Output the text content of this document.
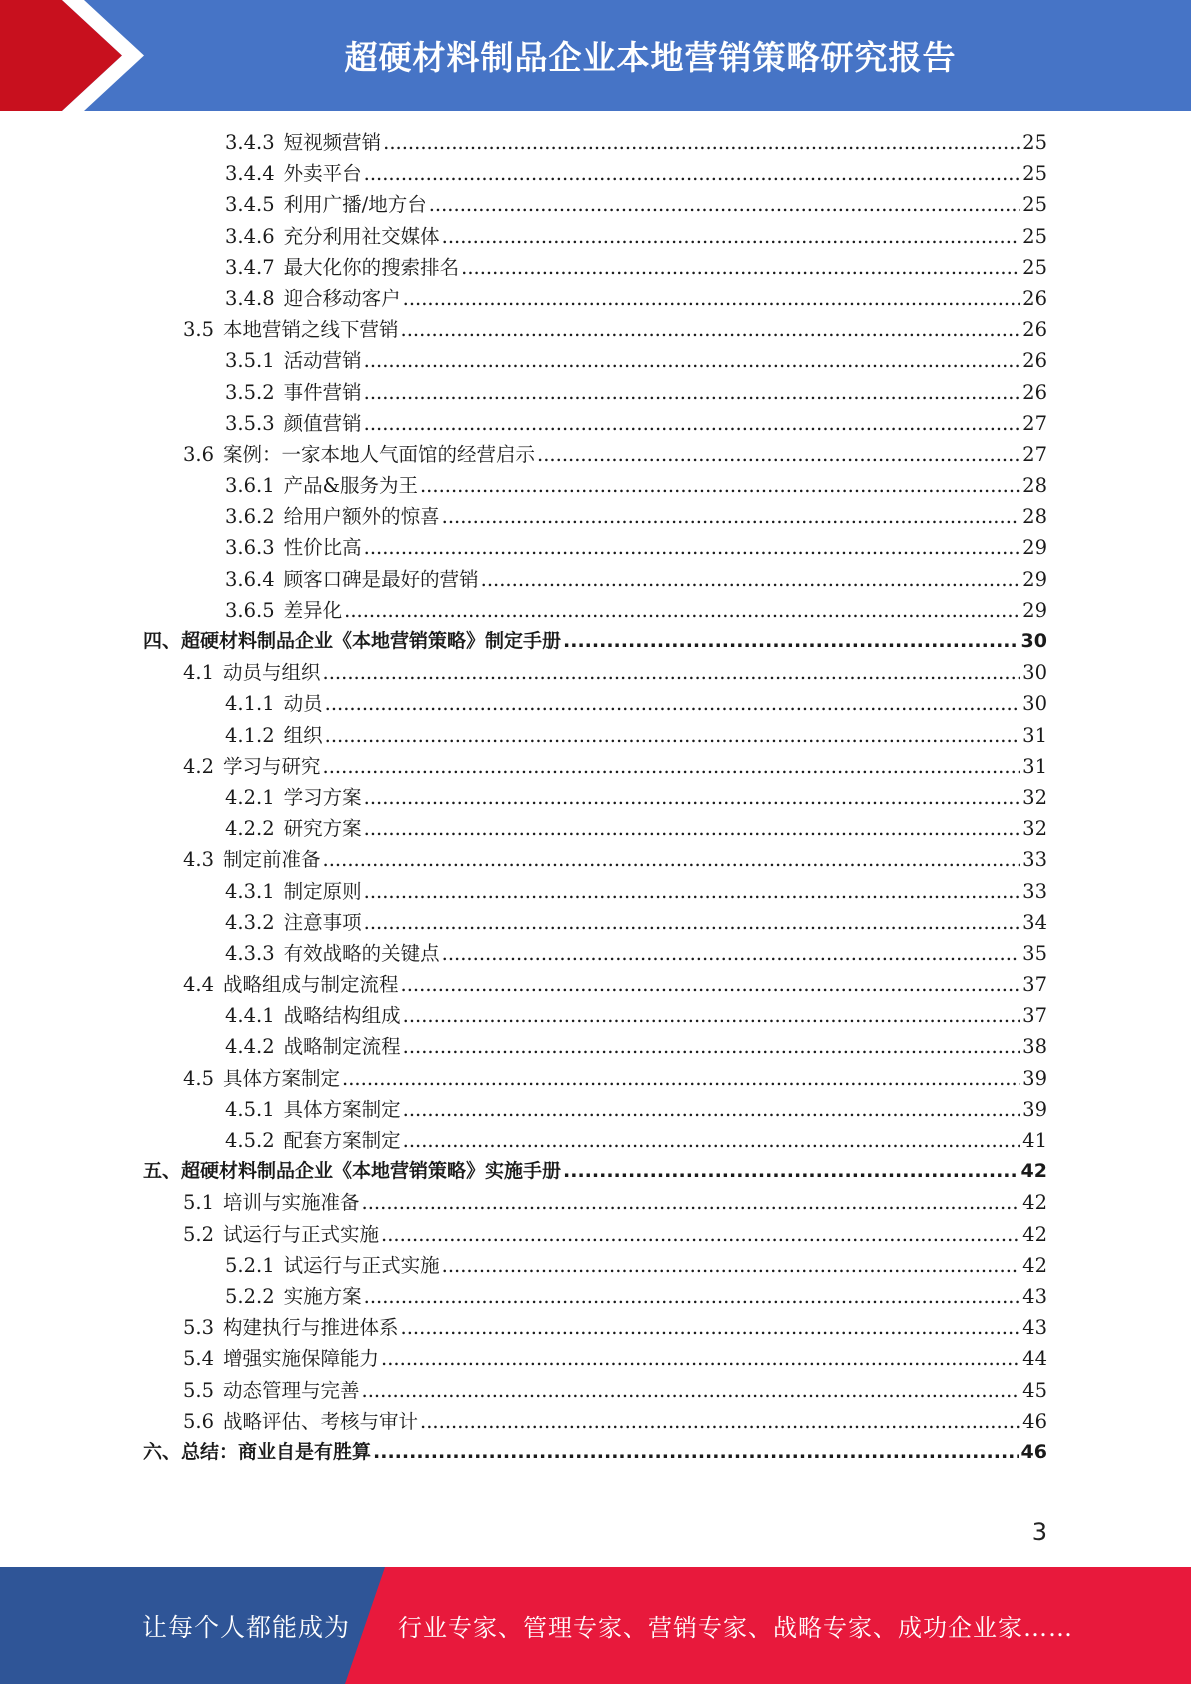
超硬材料制品企业本地营销策略研究报告
3.4.3 短视频营销 .....	25
3.4.4 外卖平台 .....	25
3.4.5 利用广播/地方台 .....	25
3.4.6 充分利用社交媒体 .....	25
3.4.7 最大化你的搜索排名 .....	25
3.4.8 迎合移动客户 .....	26
3.5 本地营销之线下营销 .....	26
3.5.1 活动营销 .....	26
3.5.2 事件营销 .....	26
3.5.3 颜值营销 .....	27
3.6 案例：一家本地人气面馆的经营启示 .....	27
3.6.1 产品&服务为王 .....	28
3.6.2 给用户额外的惊喜 .....	28
3.6.3 性价比高 .....	29
3.6.4 顾客口碑是最好的营销 .....	29
3.6.5 差异化 .....	29
四、超硬材料制品企业《本地营销策略》制定手册 .....	30
4.1 动员与组织 .....	30
4.1.1 动员 .....	30
4.1.2 组织 .....	31
4.2 学习与研究 .....	31
4.2.1 学习方案 .....	32
4.2.2 研究方案 .....	32
4.3 制定前准备 .....	33
4.3.1 制定原则 .....	33
4.3.2 注意事项 .....	34
4.3.3 有效战略的关键点 .....	35
4.4 战略组成与制定流程 .....	37
4.4.1 战略结构组成 .....	37
4.4.2 战略制定流程 .....	38
4.5 具体方案制定 .....	39
4.5.1 具体方案制定 .....	39
4.5.2 配套方案制定 .....	41
五、超硬材料制品企业《本地营销策略》实施手册 .....	42
5.1 培训与实施准备 .....	42
5.2 试运行与正式实施 .....	42
5.2.1 试运行与正式实施 .....	42
5.2.2 实施方案 .....	43
5.3 构建执行与推进体系 .....	43
5.4 增强实施保障能力 .....	44
5.5 动态管理与完善 .....	45
5.6 战略评估、考核与审计 .....	46
六、总结：商业自是有胜算 .....	46
3
让每个人都能成为 行业专家、管理专家、营销专家、战略专家、成功企业家……
